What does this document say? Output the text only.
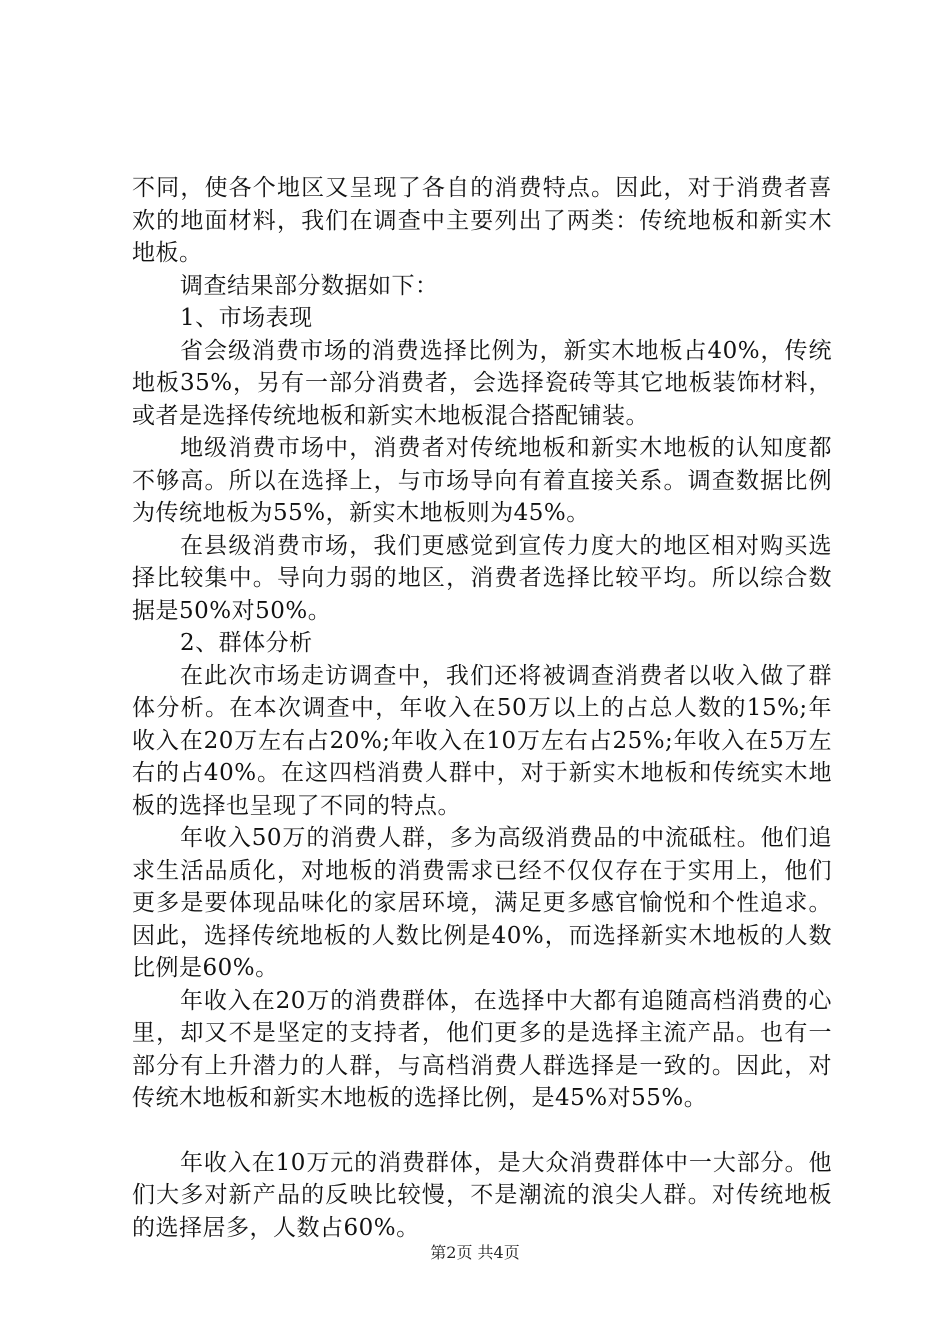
不同，使各个地区又呈现了各自的消费特点。因此，对于消费者喜欢的地面材料，我们在调查中主要列出了两类：传统地板和新实木地板。

调查结果部分数据如下：

1、市场表现

省会级消费市场的消费选择比例为，新实木地板占40%，传统地板35%，另有一部分消费者，会选择瓷砖等其它地板装饰材料，或者是选择传统地板和新实木地板混合搭配铺装。

地级消费市场中，消费者对传统地板和新实木地板的认知度都不够高。所以在选择上，与市场导向有着直接关系。调查数据比例为传统地板为55%，新实木地板则为45%。

在县级消费市场，我们更感觉到宣传力度大的地区相对购买选择比较集中。导向力弱的地区，消费者选择比较平均。所以综合数据是50%对50%。

2、群体分析

在此次市场走访调查中，我们还将被调查消费者以收入做了群体分析。在本次调查中，年收入在50万以上的占总人数的15%;年收入在20万左右占20%;年收入在10万左右占25%;年收入在5万左右的占40%。在这四档消费人群中，对于新实木地板和传统实木地板的选择也呈现了不同的特点。

年收入50万的消费人群，多为高级消费品的中流砥柱。他们追求生活品质化，对地板的消费需求已经不仅仅存在于实用上，他们更多是要体现品味化的家居环境，满足更多感官愉悦和个性追求。因此，选择传统地板的人数比例是40%，而选择新实木地板的人数比例是60%。

年收入在20万的消费群体，在选择中大都有追随高档消费的心里，却又不是坚定的支持者，他们更多的是选择主流产品。也有一部分有上升潜力的人群，与高档消费人群选择是一致的。因此，对传统木地板和新实木地板的选择比例，是45%对55%。

年收入在10万元的消费群体，是大众消费群体中一大部分。他们大多对新产品的反映比较慢，不是潮流的浪尖人群。对传统地板的选择居多，人数占60%。

第2页 共4页
